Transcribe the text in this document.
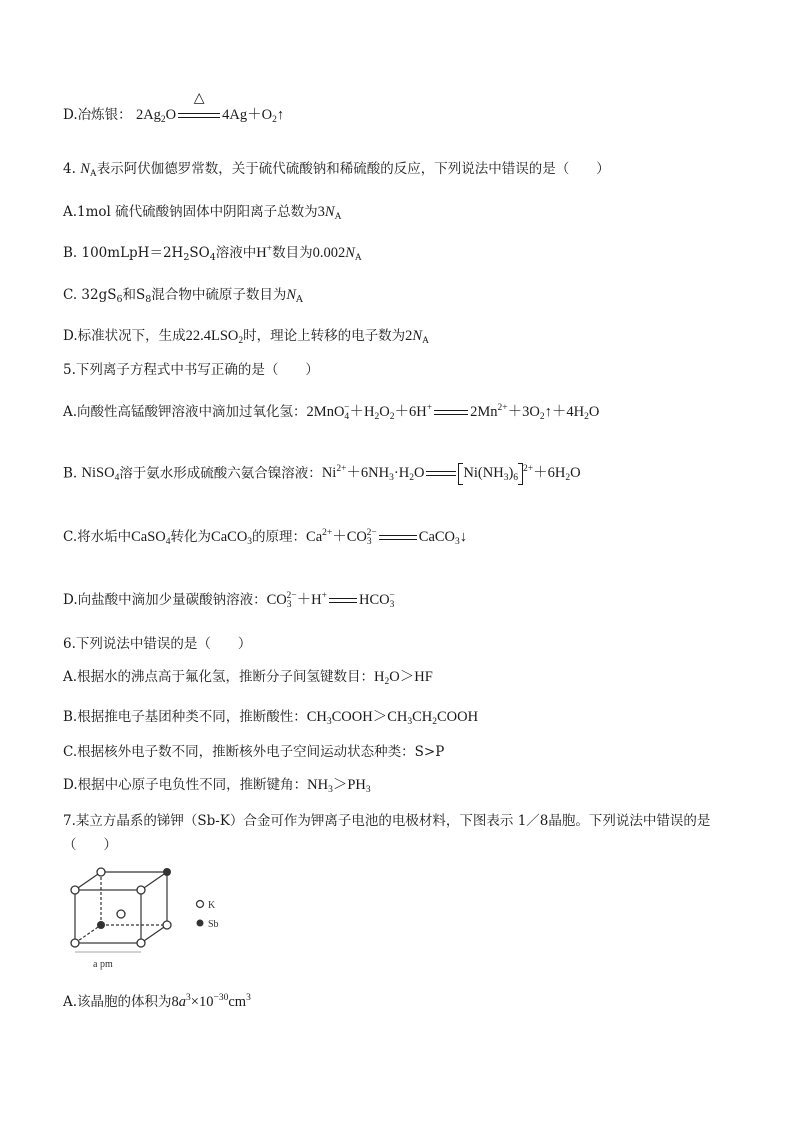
D.冶炼银： $2Ag_2O$
△
$4Ag+O_2↑$
4. $N_A$表示阿伏伽德罗常数，关于硫代硫酸钠和稀硫酸的反应，下列说法中错误的是（　　）
A.1mol 硫代硫酸钠固体中阴阳离子总数为$3N_A$
B. $100mLpH=2H_2SO_4$溶液中H+数目为$0.002N_A$
C. $32gS_6$和$S_8$混合物中硫原子数目为$N_A$
D.标准状况下，生成$22.4LSO_2$时，理论上转移的电子数为$2N_A$
5.下列离子方程式中书写正确的是（　　）
A.向酸性高锰酸钾溶液中滴加过氧化氢：$2MnO_4^-+H_2O_2+6H^+$	$2Mn^{2+}+3O_2↑+4H_2O$
B. NiSO$_4$溶于氨水形成硫酸六氨合镍溶液：$Ni^{2+}+6NH_3\cdot H_2O$	$Ni(NH_3)_6^{2+}+6H_2O$
C.将水垢中CaSO$_4$转化为CaCO$_3$的原理：$Ca^{2+}+CO_3^{2-}$	CaCO$_3$↓
D.向盐酸中滴加少量碳酸钠溶液：$CO_3^{2-}+H^+$ $HCO_3^-$
6.下列说法中错误的是（　　）
A.根据水的沸点高于氟化氢，推断分子间氢键数目：$H_2O>HF$
B.根据推电子基团种类不同，推断酸性：$CH_3COOH>CH_3CH_2COOH$
C.根据核外电子数不同，推断核外电子空间运动状态种类：S>P
D.根据中心原子电负性不同，推断键角：$NH_3>PH_3$
7.某立方晶系的锑钾（Sb-K）合金可作为钾离子电池的电极材料，下图表示 1／8晶胞。下列说法中错误的是（　　）
K
Sb
a pm
A.该晶胞的体积为$8a^3\times 10^{-30}cm^3$
